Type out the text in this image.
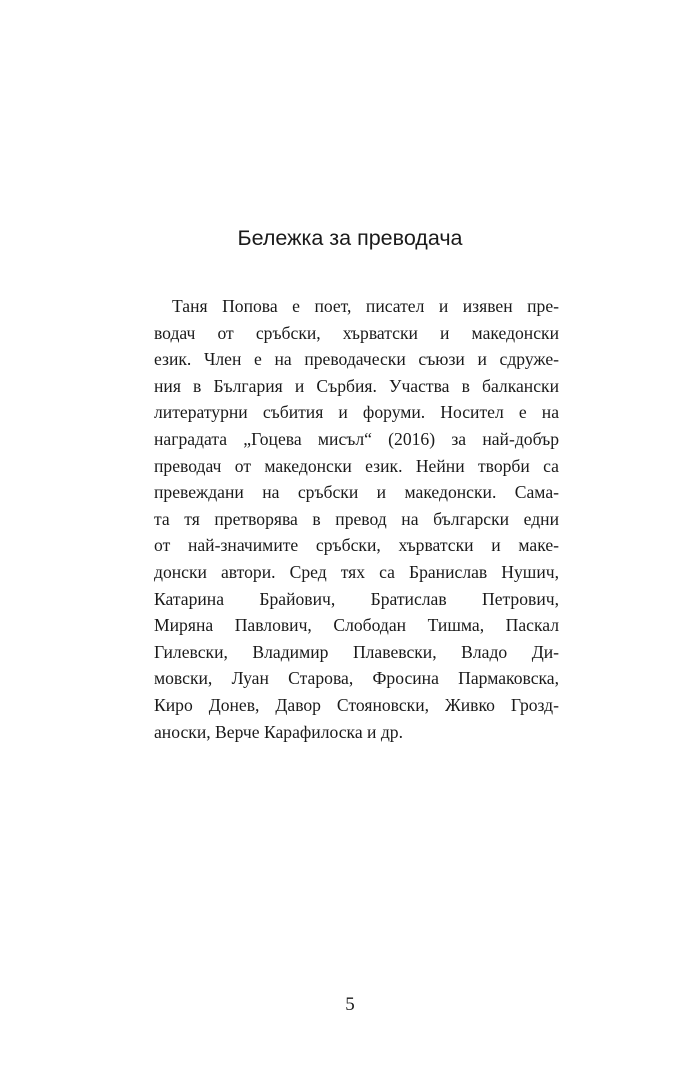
Бележка за преводача
Таня Попова е поет, писател и изявен пре-
водач от сръбски, хърватски и македонски
език. Член е на преводачески съюзи и сдруже-
ния в България и Сърбия. Участва в балкански
литературни събития и форуми. Носител е на
наградата „Гоцева мисъл“ (2016) за най-добър
преводач от македонски език. Нейни творби са
превеждани на сръбски и македонски. Сама-
та тя претворява в превод на български едни
от най-значимите сръбски, хърватски и маке-
донски автори. Сред тях са Бранислав Нушич,
Катарина Брайович, Братислав Петрович,
Миряна Павлович, Слободан Тишма, Паскал
Гилевски, Владимир Плавевски, Владо Ди-
мовски, Луан Старова, Фросина Пармаковска,
Киро Донев, Давор Стояновски, Живко Грозд-
аноски, Верче Карафилоска и др.
5
